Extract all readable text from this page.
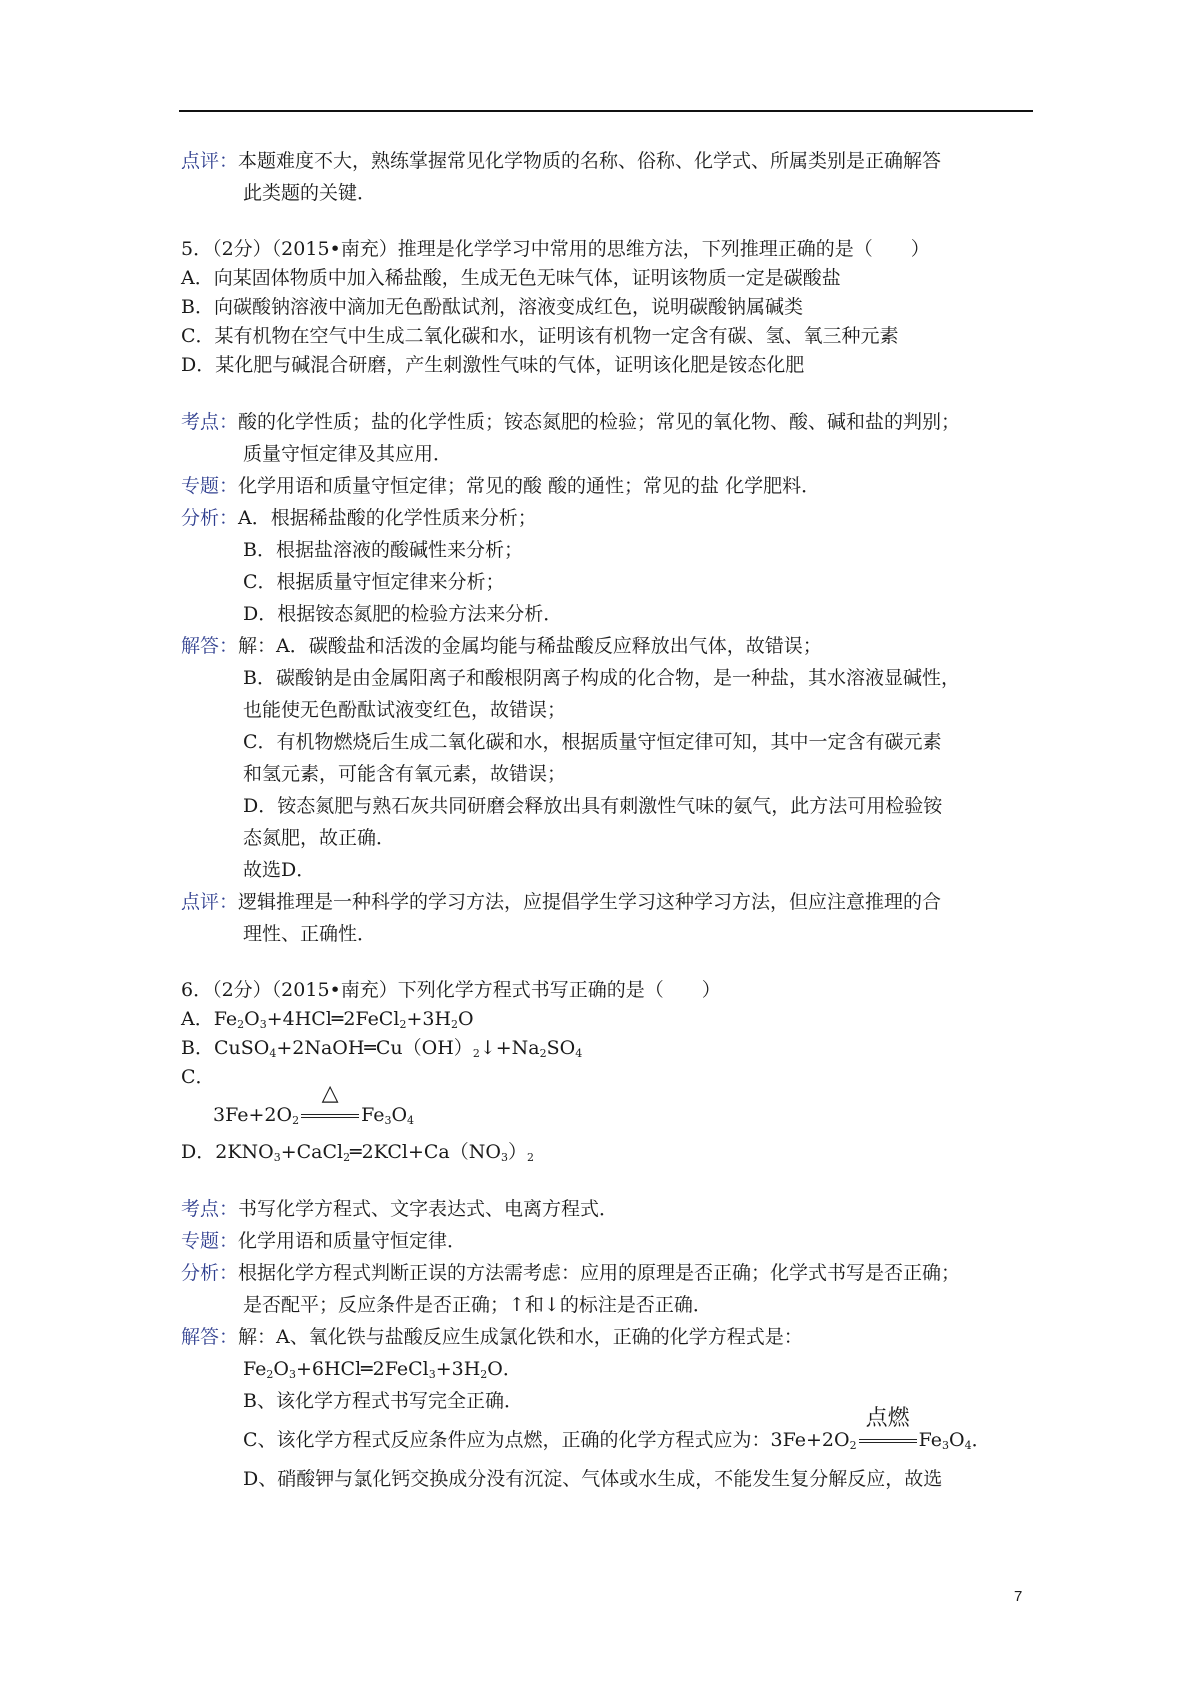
点评：本题难度不大，熟练掌握常见化学物质的名称、俗称、化学式、所属类别是正确解答
此类题的关键．
5．（2分）（2015•南充）推理是化学学习中常用的思维方法，下列推理正确的是（　　）
A．向某固体物质中加入稀盐酸，生成无色无味气体，证明该物质一定是碳酸盐
B．向碳酸钠溶液中滴加无色酚酞试剂，溶液变成红色，说明碳酸钠属碱类
C．某有机物在空气中生成二氧化碳和水，证明该有机物一定含有碳、氢、氧三种元素
D．某化肥与碱混合研磨，产生刺激性气味的气体，证明该化肥是铵态化肥
考点：酸的化学性质；盐的化学性质；铵态氮肥的检验；常见的氧化物、酸、碱和盐的判别；
质量守恒定律及其应用．
专题：化学用语和质量守恒定律；常见的酸 酸的通性；常见的盐 化学肥料．
分析：A．根据稀盐酸的化学性质来分析；
B．根据盐溶液的酸碱性来分析；
C．根据质量守恒定律来分析；
D．根据铵态氮肥的检验方法来分析．
解答：解：A．碳酸盐和活泼的金属均能与稀盐酸反应释放出气体，故错误；
B．碳酸钠是由金属阳离子和酸根阴离子构成的化合物，是一种盐，其水溶液显碱性，
也能使无色酚酞试液变红色，故错误；
C．有机物燃烧后生成二氧化碳和水，根据质量守恒定律可知，其中一定含有碳元素
和氢元素，可能含有氧元素，故错误；
D．铵态氮肥与熟石灰共同研磨会释放出具有刺激性气味的氨气，此方法可用检验铵
态氮肥，故正确．
故选D．
点评：逻辑推理是一种科学的学习方法，应提倡学生学习这种学习方法，但应注意推理的合
理性、正确性．
6．（2分）（2015•南充）下列化学方程式书写正确的是（　　）
A．$Fe_2O_3+4HCl═2FeCl_2+3H_2O$
B．$CuSO_4+2NaOH═Cu(OH)_2↓+Na_2SO_4$
C．
$3Fe+2O_2$
△
$Fe_3O_4$
D．$2KNO_3+CaCl_2═2KCl+Ca(NO_3)_2$
考点：书写化学方程式、文字表达式、电离方程式．
专题：化学用语和质量守恒定律．
分析：根据化学方程式判断正误的方法需考虑：应用的原理是否正确；化学式书写是否正确；
是否配平；反应条件是否正确；↑和↓的标注是否正确．
解答：解：A、氧化铁与盐酸反应生成氯化铁和水，正确的化学方程式是：
$Fe_2O_3+6HCl═2FeCl_3+3H_2O$．
B、该化学方程式书写完全正确．
C、该化学方程式反应条件应为点燃，正确的化学方程式应为：$3Fe+2O_2$
点燃
$Fe_3O_4$．
D、硝酸钾与氯化钙交换成分没有沉淀、气体或水生成，不能发生复分解反应，故选
7
